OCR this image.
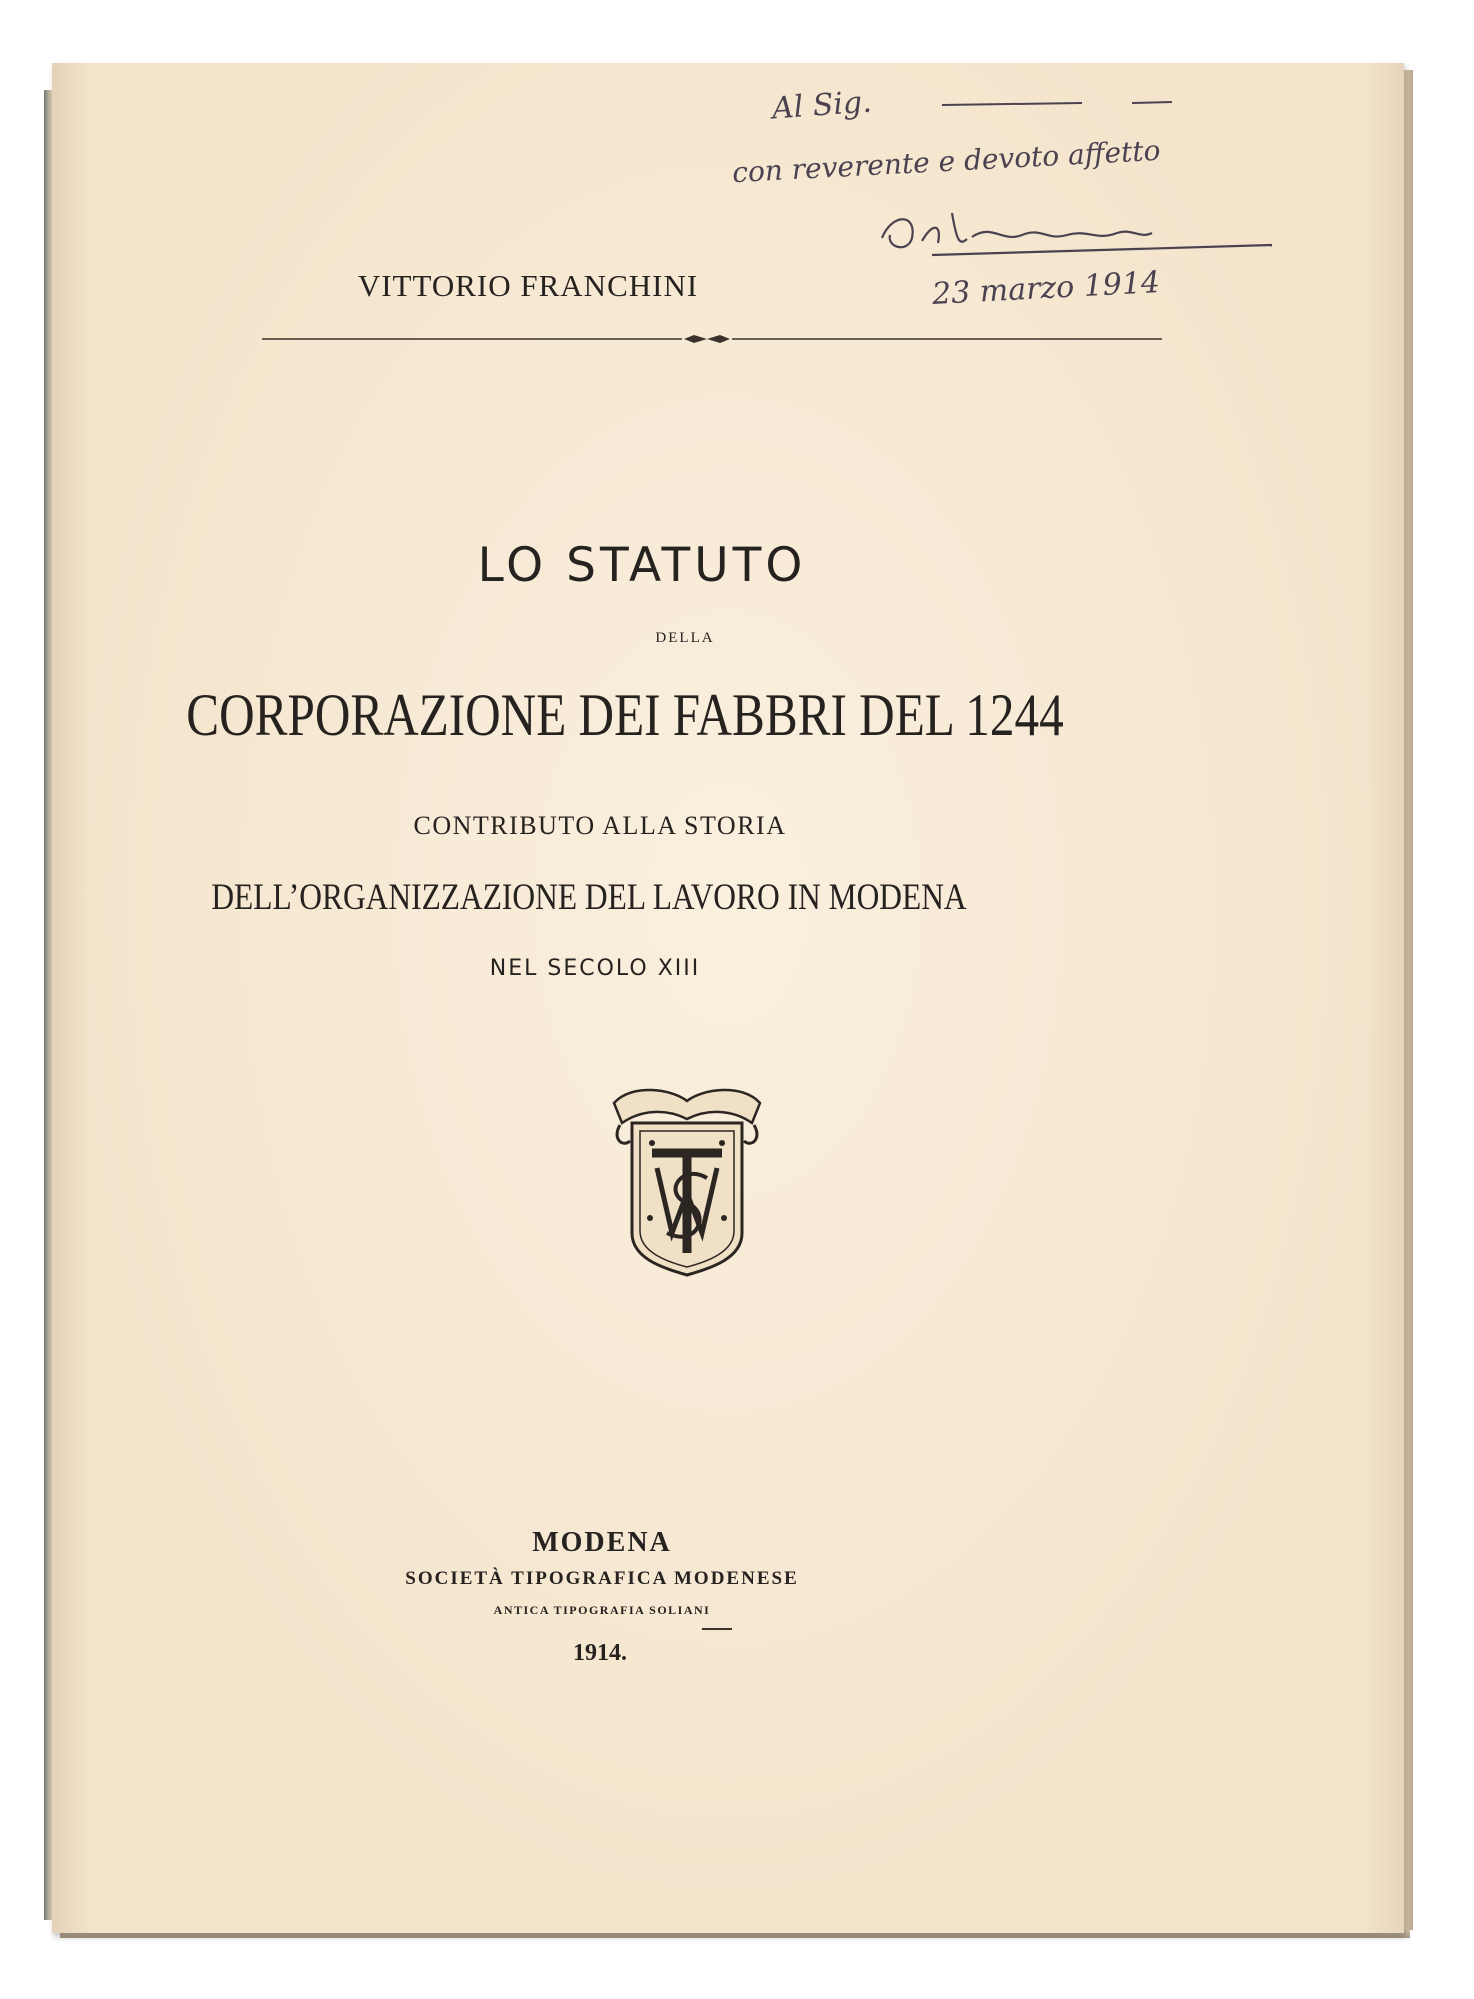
Al Sig.
con reverente e devoto affetto
23 marzo 1914
VITTORIO FRANCHINI
LO STATUTO
DELLA
CORPORAZIONE DEI FABBRI DEL 1244
CONTRIBUTO ALLA STORIA
DELL’ORGANIZZAZIONE DEL LAVORO IN MODENA
NEL SECOLO XIII
MODENA
SOCIETÀ TIPOGRAFICA MODENESE
ANTICA TIPOGRAFIA SOLIANI
1914.
